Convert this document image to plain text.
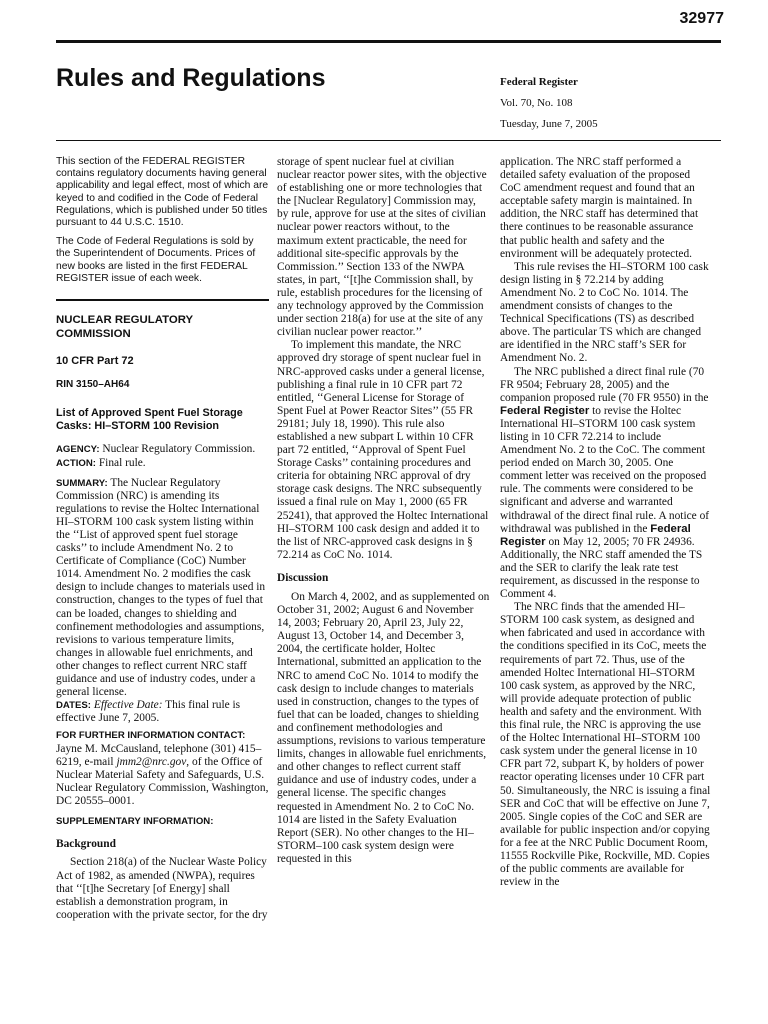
32977
Rules and Regulations	Federal Register
Vol. 70, No. 108
Tuesday, June 7, 2005

This section of the FEDERAL REGISTER contains regulatory documents having general applicability and legal effect, most of which are keyed to and codified in the Code of Federal Regulations, which is published under 50 titles pursuant to 44 U.S.C. 1510.

The Code of Federal Regulations is sold by the Superintendent of Documents. Prices of new books are listed in the first FEDERAL REGISTER issue of each week.

NUCLEAR REGULATORY COMMISSION

10 CFR Part 72

RIN 3150–AH64

List of Approved Spent Fuel Storage Casks: HI–STORM 100 Revision

AGENCY: Nuclear Regulatory Commission.

ACTION: Final rule.

SUMMARY: The Nuclear Regulatory Commission (NRC) is amending its regulations to revise the Holtec International HI–STORM 100 cask system listing within the ‘‘List of approved spent fuel storage casks’’ to include Amendment No. 2 to Certificate of Compliance (CoC) Number 1014. Amendment No. 2 modifies the cask design to include changes to materials used in construction, changes to the types of fuel that can be loaded, changes to shielding and confinement methodologies and assumptions, revisions to various temperature limits, changes in allowable fuel enrichments, and other changes to reflect current NRC staff guidance and use of industry codes, under a general license.

DATES: Effective Date: This final rule is effective June 7, 2005.

FOR FURTHER INFORMATION CONTACT:

Jayne M. McCausland, telephone (301) 415–6219, e-mail jmm2@nrc.gov, of the Office of Nuclear Material Safety and Safeguards, U.S. Nuclear Regulatory Commission, Washington, DC 20555–0001.

SUPPLEMENTARY INFORMATION:

Background

Section 218(a) of the Nuclear Waste Policy Act of 1982, as amended (NWPA), requires that ‘‘[t]he Secretary [of Energy] shall establish a demonstration program, in cooperation with the private sector, for the dry

storage of spent nuclear fuel at civilian nuclear reactor power sites, with the objective of establishing one or more technologies that the [Nuclear Regulatory] Commission may, by rule, approve for use at the sites of civilian nuclear power reactors without, to the maximum extent practicable, the need for additional site-specific approvals by the Commission.’’ Section 133 of the NWPA states, in part, ‘‘[t]he Commission shall, by rule, establish procedures for the licensing of any technology approved by the Commission under section 218(a) for use at the site of any civilian nuclear power reactor.’’

To implement this mandate, the NRC approved dry storage of spent nuclear fuel in NRC-approved casks under a general license, publishing a final rule in 10 CFR part 72 entitled, ‘‘General License for Storage of Spent Fuel at Power Reactor Sites’’ (55 FR 29181; July 18, 1990). This rule also established a new subpart L within 10 CFR part 72 entitled, ‘‘Approval of Spent Fuel Storage Casks’’ containing procedures and criteria for obtaining NRC approval of dry storage cask designs. The NRC subsequently issued a final rule on May 1, 2000 (65 FR 25241), that approved the Holtec International HI–STORM 100 cask design and added it to the list of NRC-approved cask designs in § 72.214 as CoC No. 1014.

Discussion

On March 4, 2002, and as supplemented on October 31, 2002; August 6 and November 14, 2003; February 20, April 23, July 22, August 13, October 14, and December 3, 2004, the certificate holder, Holtec International, submitted an application to the NRC to amend CoC No. 1014 to modify the cask design to include changes to materials used in construction, changes to the types of fuel that can be loaded, changes to shielding and confinement methodologies and assumptions, revisions to various temperature limits, changes in allowable fuel enrichments, and other changes to reflect current staff guidance and use of industry codes, under a general license. The specific changes requested in Amendment No. 2 to CoC No. 1014 are listed in the Safety Evaluation Report (SER). No other changes to the HI–STORM–100 cask system design were requested in this

application. The NRC staff performed a detailed safety evaluation of the proposed CoC amendment request and found that an acceptable safety margin is maintained. In addition, the NRC staff has determined that there continues to be reasonable assurance that public health and safety and the environment will be adequately protected.

This rule revises the HI–STORM 100 cask design listing in § 72.214 by adding Amendment No. 2 to CoC No. 1014. The amendment consists of changes to the Technical Specifications (TS) as described above. The particular TS which are changed are identified in the NRC staff’s SER for Amendment No. 2.

The NRC published a direct final rule (70 FR 9504; February 28, 2005) and the companion proposed rule (70 FR 9550) in the Federal Register to revise the Holtec International HI–STORM 100 cask system listing in 10 CFR 72.214 to include Amendment No. 2 to the CoC. The comment period ended on March 30, 2005. One comment letter was received on the proposed rule. The comments were considered to be significant and adverse and warranted withdrawal of the direct final rule. A notice of withdrawal was published in the Federal Register on May 12, 2005; 70 FR 24936. Additionally, the NRC staff amended the TS and the SER to clarify the leak rate test requirement, as discussed in the response to Comment 4.

The NRC finds that the amended HI–STORM 100 cask system, as designed and when fabricated and used in accordance with the conditions specified in its CoC, meets the requirements of part 72. Thus, use of the amended Holtec International HI–STORM 100 cask system, as approved by the NRC, will provide adequate protection of public health and safety and the environment. With this final rule, the NRC is approving the use of the Holtec International HI–STORM 100 cask system under the general license in 10 CFR part 72, subpart K, by holders of power reactor operating licenses under 10 CFR part 50. Simultaneously, the NRC is issuing a final SER and CoC that will be effective on June 7, 2005. Single copies of the CoC and SER are available for public inspection and/or copying for a fee at the NRC Public Document Room, 11555 Rockville Pike, Rockville, MD. Copies of the public comments are available for review in the
